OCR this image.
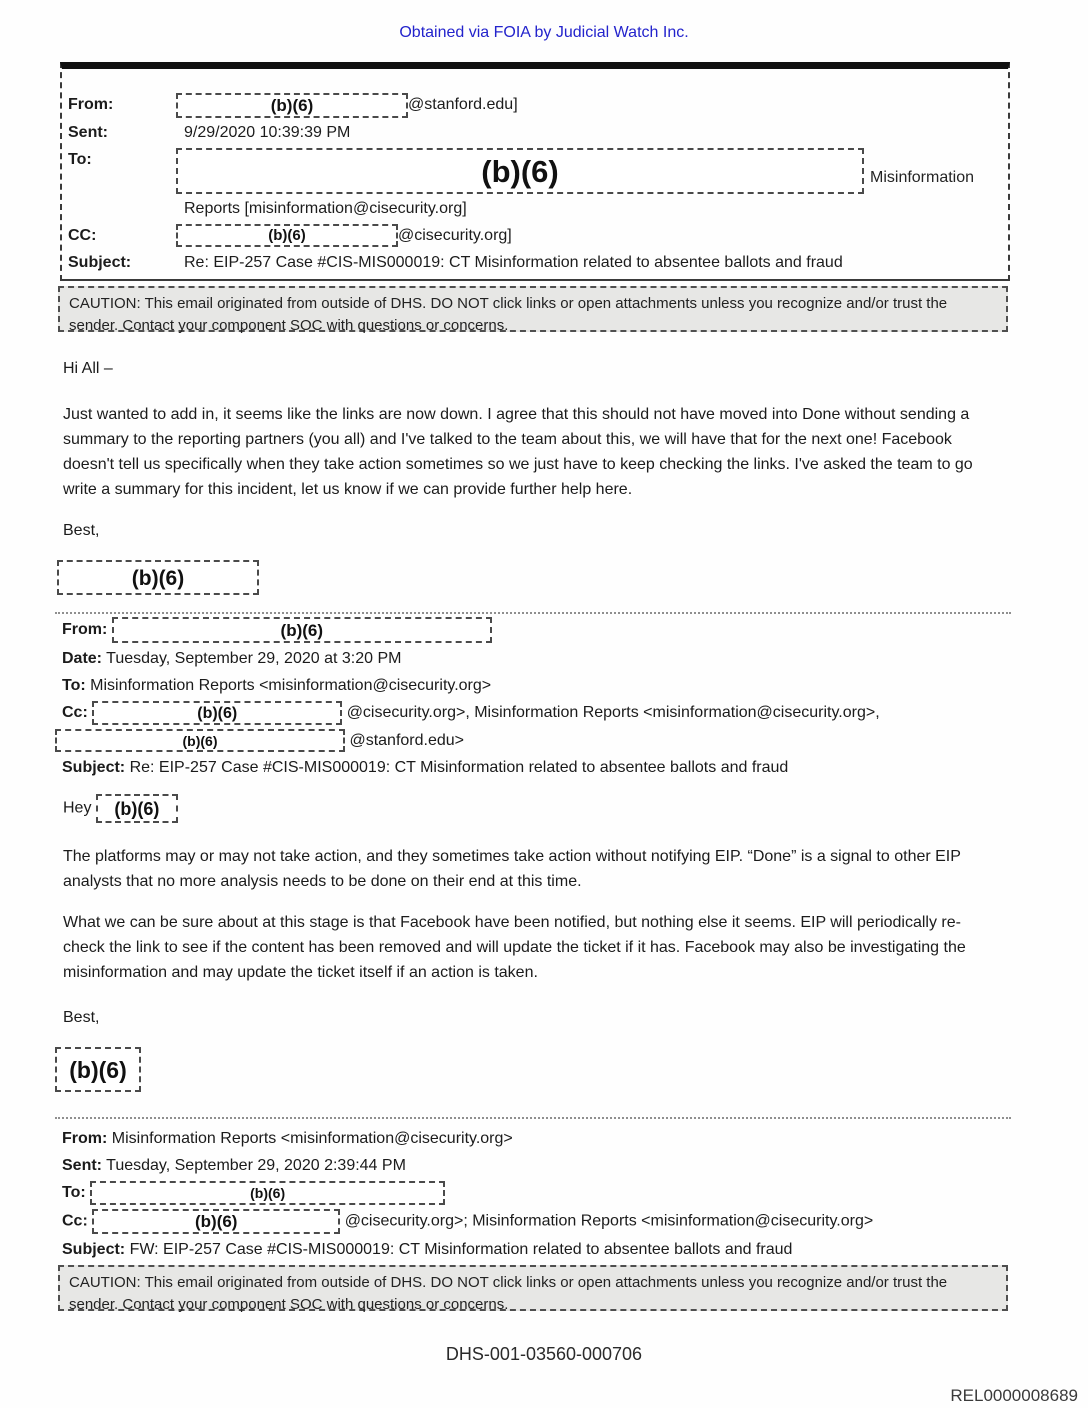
Obtained via FOIA by Judicial Watch Inc.
From:	(b)(6)	@stanford.edu]
Sent:	9/29/2020 10:39:39 PM
To:	(b)(6)	Misinformation
Reports [misinformation@cisecurity.org]
CC:	(b)(6)	@cisecurity.org]
Subject:	Re: EIP-257 Case #CIS-MIS000019: CT Misinformation related to absentee ballots and fraud
CAUTION: This email originated from outside of DHS. DO NOT click links or open attachments unless you recognize and/or trust the sender. Contact your component SOC with questions or concerns.
Hi All –
Just wanted to add in, it seems like the links are now down. I agree that this should not have moved into Done without sending a summary to the reporting partners (you all) and I've talked to the team about this, we will have that for the next one! Facebook doesn't tell us specifically when they take action sometimes so we just have to keep checking the links. I've asked the team to go write a summary for this incident, let us know if we can provide further help here.
Best,
(b)(6)
From:	(b)(6)
Date: Tuesday, September 29, 2020 at 3:20 PM
To: Misinformation Reports <misinformation@cisecurity.org>
Cc:	(b)(6)	@cisecurity.org>, Misinformation Reports <misinformation@cisecurity.org>,
(b)(6)	@stanford.edu>
Subject: Re: EIP-257 Case #CIS-MIS000019: CT Misinformation related to absentee ballots and fraud
Hey (b)(6)
The platforms may or may not take action, and they sometimes take action without notifying EIP. “Done” is a signal to other EIP analysts that no more analysis needs to be done on their end at this time.
What we can be sure about at this stage is that Facebook have been notified, but nothing else it seems. EIP will periodically re-check the link to see if the content has been removed and will update the ticket if it has. Facebook may also be investigating the misinformation and may update the ticket itself if an action is taken.
Best,
(b)(6)
From: Misinformation Reports <misinformation@cisecurity.org>
Sent: Tuesday, September 29, 2020 2:39:44 PM
To:	(b)(6)
Cc:	(b)(6)	@cisecurity.org>; Misinformation Reports <misinformation@cisecurity.org>
Subject: FW: EIP-257 Case #CIS-MIS000019: CT Misinformation related to absentee ballots and fraud
CAUTION: This email originated from outside of DHS. DO NOT click links or open attachments unless you recognize and/or trust the sender. Contact your component SOC with questions or concerns.
DHS-001-03560-000706
REL0000008689
